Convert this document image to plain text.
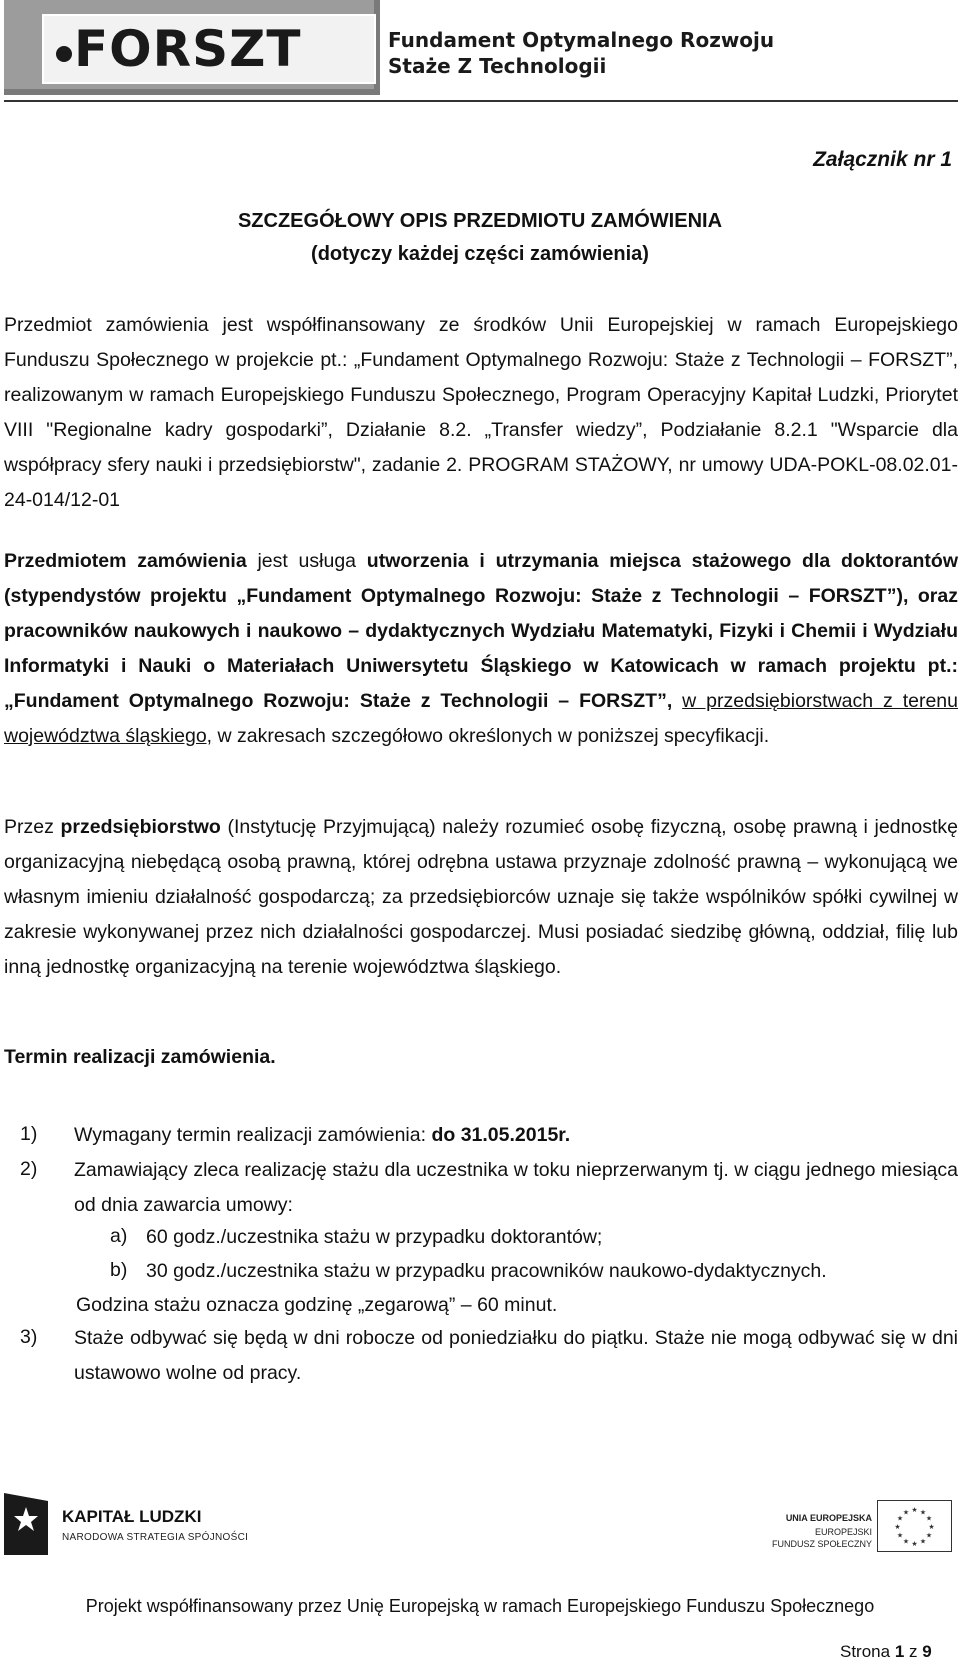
FORSZT	Fundament Optymalnego Rozwoju
Staże Z Technologii
Załącznik nr 1
SZCZEGÓŁOWY OPIS PRZEDMIOTU ZAMÓWIENIA
(dotyczy każdej części zamówienia)
Przedmiot zamówienia jest współfinansowany ze środków Unii Europejskiej w ramach Europejskiego Funduszu Społecznego w projekcie pt.: „Fundament Optymalnego Rozwoju: Staże z Technologii – FORSZT”, realizowanym w ramach Europejskiego Funduszu Społecznego, Program Operacyjny Kapitał Ludzki, Priorytet VIII "Regionalne kadry gospodarki”, Działanie 8.2. „Transfer wiedzy”, Podziałanie 8.2.1 "Wsparcie dla współpracy sfery nauki i przedsiębiorstw", zadanie 2. PROGRAM STAŻOWY, nr umowy UDA-POKL-08.02.01-24-014/12-01
Przedmiotem zamówienia jest usługa utworzenia i utrzymania miejsca stażowego dla doktorantów (stypendystów projektu „Fundament Optymalnego Rozwoju: Staże z Technologii – FORSZT”), oraz pracowników naukowych i naukowo – dydaktycznych Wydziału Matematyki, Fizyki i Chemii i Wydziału Informatyki i Nauki o Materiałach Uniwersytetu Śląskiego w Katowicach w ramach projektu pt.: „Fundament Optymalnego Rozwoju: Staże z Technologii – FORSZT”, w przedsiębiorstwach z terenu województwa śląskiego, w zakresach szczegółowo określonych w poniższej specyfikacji.
Przez przedsiębiorstwo (Instytucję Przyjmującą) należy rozumieć osobę fizyczną, osobę prawną i jednostkę organizacyjną niebędącą osobą prawną, której odrębna ustawa przyznaje zdolność prawną – wykonującą we własnym imieniu działalność gospodarczą; za przedsiębiorców uznaje się także wspólników spółki cywilnej w zakresie wykonywanej przez nich działalności gospodarczej. Musi posiadać siedzibę główną, oddział, filię lub inną jednostkę organizacyjną na terenie województwa śląskiego.
Termin realizacji zamówienia.
1) Wymagany termin realizacji zamówienia: do 31.05.2015r.
2) Zamawiający zleca realizację stażu dla uczestnika w toku nieprzerwanym tj. w ciągu jednego miesiąca od dnia zawarcia umowy:
a) 60 godz./uczestnika stażu w przypadku doktorantów;
b) 30 godz./uczestnika stażu w przypadku pracowników naukowo-dydaktycznych.
Godzina stażu oznacza godzinę „zegarową” – 60 minut.
3) Staże odbywać się będą w dni robocze od poniedziałku do piątku. Staże nie mogą odbywać się w dni ustawowo wolne od pracy.
KAPITAŁ LUDZKI
NARODOWA STRATEGIA SPÓJNOŚCI
UNIA EUROPEJSKA
EUROPEJSKI
FUNDUSZ SPOŁECZNY
★ ★
★
★
★
★
★
★
★
★
★
★
Projekt współfinansowany przez Unię Europejską w ramach Europejskiego Funduszu Społecznego
Strona 1 z 9
